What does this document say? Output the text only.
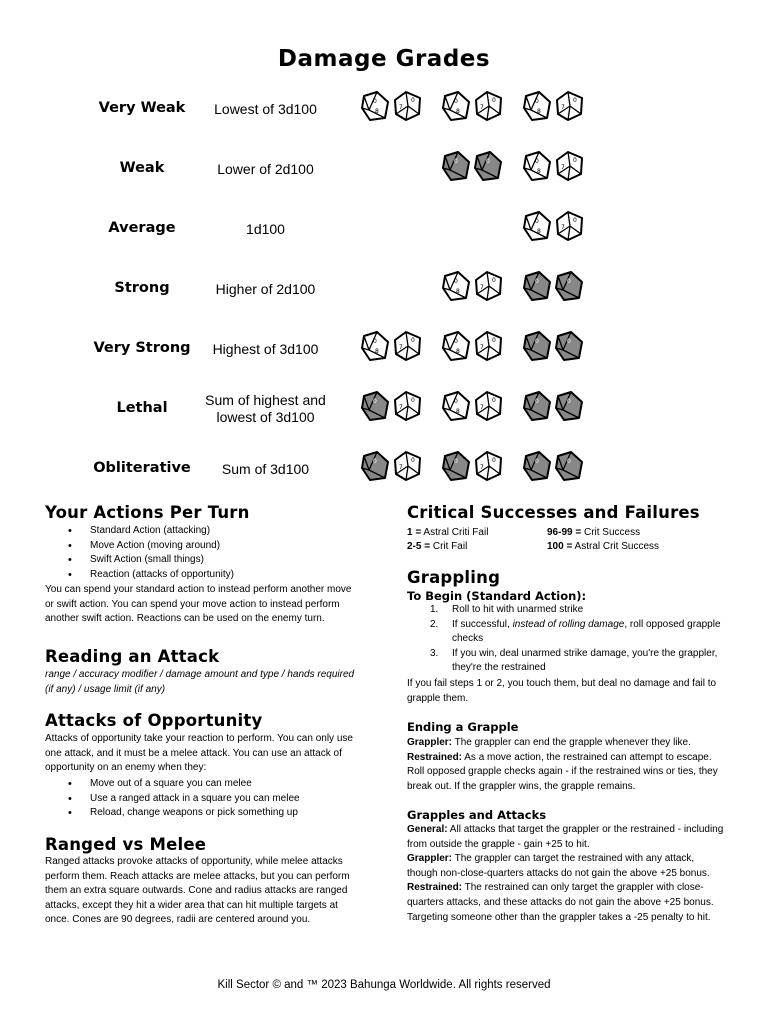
Damage Grades
Very Weak	Lowest of 3d100
Weak	Lower of 2d100
Average	1d100
Strong	Higher of 2d100
Very Strong	Highest of 3d100
Lethal	Sum of highest and lowest of 3d100
Obliterative	Sum of 3d100
Your Actions Per Turn
• Standard Action (attacking)
• Move Action (moving around)
• Swift Action (small things)
• Reaction (attacks of opportunity)
You can spend your standard action to instead perform another move or swift action. You can spend your move action to instead perform another swift action. Reactions can be used on the enemy turn.
Reading an Attack
range / accuracy modifier / damage amount and type / hands required (if any) / usage limit (if any)
Attacks of Opportunity
Attacks of opportunity take your reaction to perform. You can only use one attack, and it must be a melee attack. You can use an attack of opportunity on an enemy when they:
• Move out of a square you can melee
• Use a ranged attack in a square you can melee
• Reload, change weapons or pick something up
Ranged vs Melee
Ranged attacks provoke attacks of opportunity, while melee attacks perform them. Reach attacks are melee attacks, but you can perform them an extra square outwards. Cone and radius attacks are ranged attacks, except they hit a wider area that can hit multiple targets at once. Cones are 90 degrees, radii are centered around you.
Critical Successes and Failures
1 = Astral Criti Fail	96-99 = Crit Success
2-5 = Crit Fail	100 = Astral Crit Success
Grappling
To Begin (Standard Action):
1. Roll to hit with unarmed strike
2. If successful, instead of rolling damage, roll opposed grapple checks
3. If you win, deal unarmed strike damage, you're the grappler, they're the restrained
If you fail steps 1 or 2, you touch them, but deal no damage and fail to grapple them.
Ending a Grapple

Grappler: The grappler can end the grapple whenever they like.

Restrained: As a move action, the restrained can attempt to escape. Roll opposed grapple checks again - if the restrained wins or ties, they break out. If the grappler wins, the grapple remains.

Grapples and Attacks

General: All attacks that target the grappler or the restrained - including from outside the grapple - gain +25 to hit.

Grappler: The grappler can target the restrained with any attack, though non-close-quarters attacks do not gain the above +25 bonus.

Restrained: The restrained can only target the grappler with close-quarters attacks, and these attacks do not gain the above +25 bonus. Targeting someone other than the grappler takes a -25 penalty to hit.

Kill Sector © and ™ 2023 Bahunga Worldwide. All rights reserved
